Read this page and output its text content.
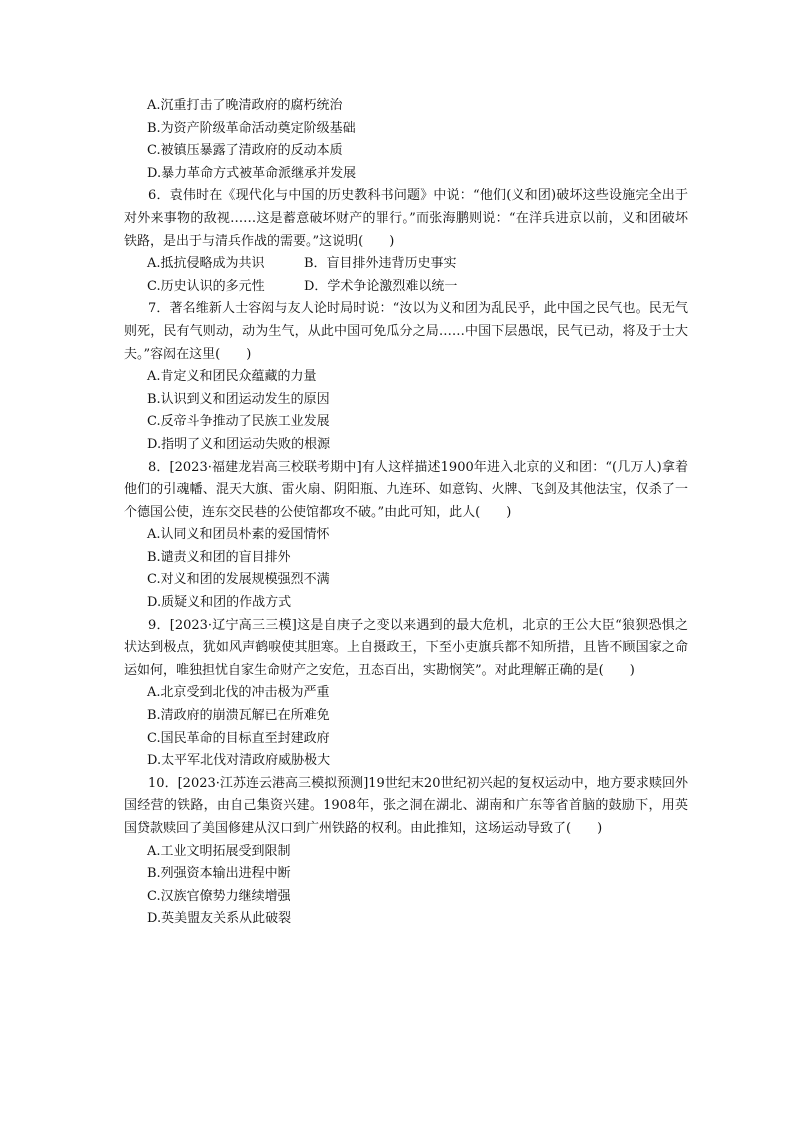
A.沉重打击了晚清政府的腐朽统治
B.为资产阶级革命活动奠定阶级基础
C.被镇压暴露了清政府的反动本质
D.暴力革命方式被革命派继承并发展
6．袁伟时在《现代化与中国的历史教科书问题》中说：“他们(义和团)破坏这些设施完全出于对外来事物的敌视……这是蓄意破坏财产的罪行。”而张海鹏则说：“在洋兵进京以前，义和团破坏铁路，是出于与清兵作战的需要。”这说明(　　)
A.抵抗侵略成为共识	B．盲目排外违背历史事实
C.历史认识的多元性	D．学术争论激烈难以统一
7．著名维新人士容闳与友人论时局时说：“汝以为义和团为乱民乎，此中国之民气也。民无气则死，民有气则动，动为生气，从此中国可免瓜分之局……中国下层愚氓，民气已动，将及于士大夫。”容闳在这里(　　)
A.肯定义和团民众蕴藏的力量
B.认识到义和团运动发生的原因
C.反帝斗争推动了民族工业发展
D.指明了义和团运动失败的根源
8．[2023·福建龙岩高三校联考期中]有人这样描述1900年进入北京的义和团：“(几万人)拿着他们的引魂幡、混天大旗、雷火扇、阴阳瓶、九连环、如意钩、火牌、飞剑及其他法宝，仅杀了一个德国公使，连东交民巷的公使馆都攻不破。”由此可知，此人(　　)
A.认同义和团员朴素的爱国情怀
B.谴责义和团的盲目排外
C.对义和团的发展规模强烈不满
D.质疑义和团的作战方式
9．[2023·辽宁高三三模]这是自庚子之变以来遇到的最大危机，北京的王公大臣“狼狈恐惧之状达到极点，犹如风声鹤唳使其胆寒。上自摄政王，下至小吏旗兵都不知所措，且皆不顾国家之命运如何，唯独担忧自家生命财产之安危，丑态百出，实勘悯笑”。对此理解正确的是(　　)
A.北京受到北伐的冲击极为严重
B.清政府的崩溃瓦解已在所难免
C.国民革命的目标直至封建政府
D.太平军北伐对清政府威胁极大
10．[2023·江苏连云港高三模拟预测]19世纪末20世纪初兴起的复权运动中，地方要求赎回外国经营的铁路，由自己集资兴建。1908年，张之洞在湖北、湖南和广东等省首脑的鼓励下，用英国贷款赎回了美国修建从汉口到广州铁路的权利。由此推知，这场运动导致了(　　)
A.工业文明拓展受到限制
B.列强资本输出进程中断
C.汉族官僚势力继续增强
D.英美盟友关系从此破裂
